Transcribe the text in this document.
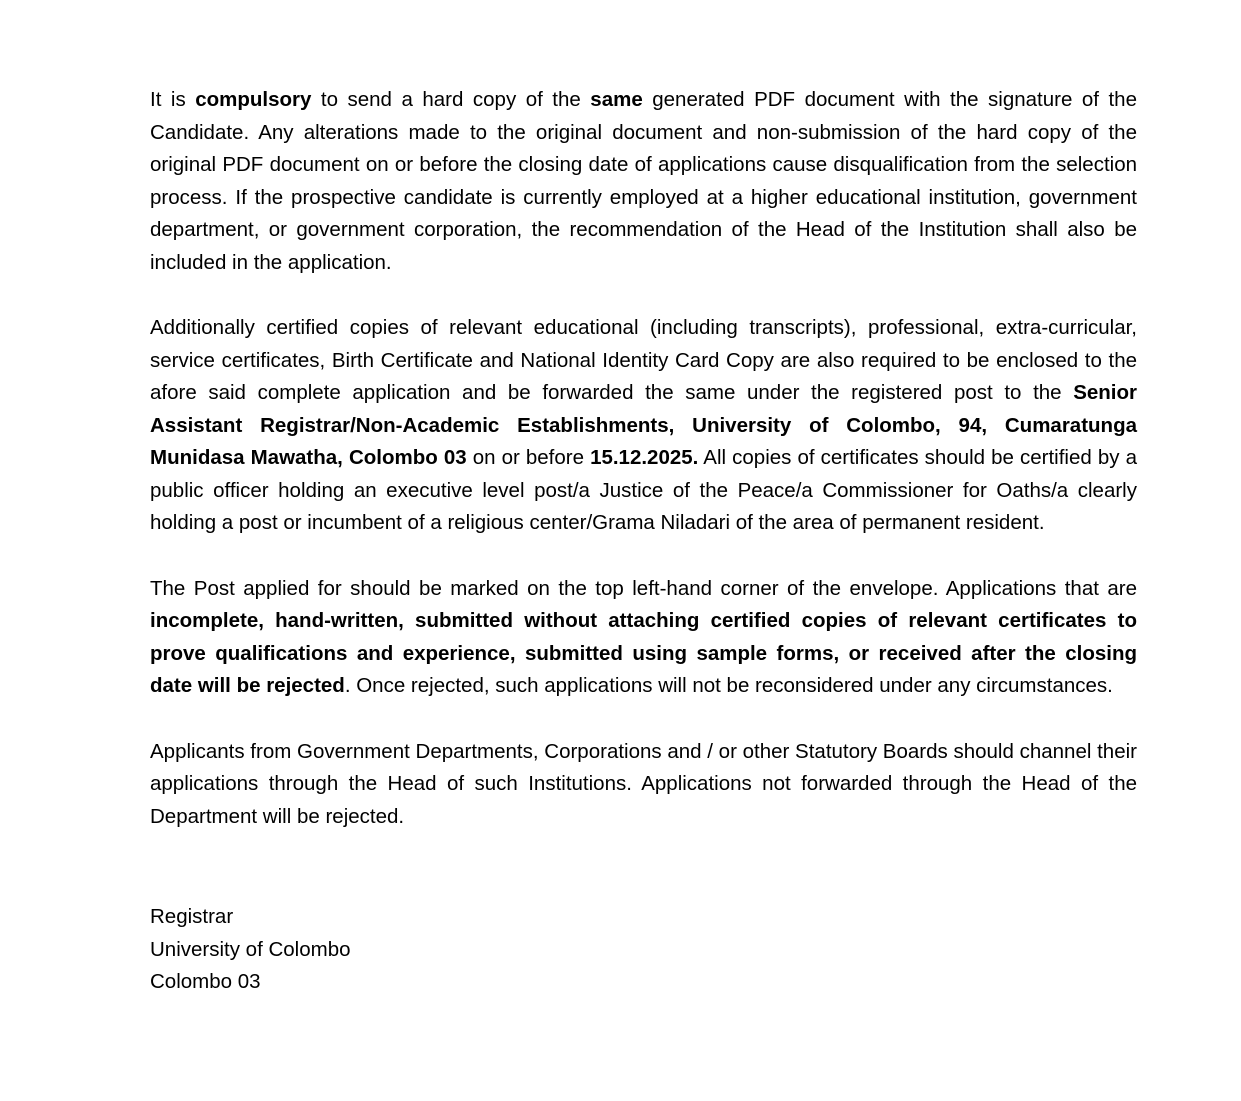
It is compulsory to send a hard copy of the same generated PDF document with the signature of the Candidate. Any alterations made to the original document and non-submission of the hard copy of the original PDF document on or before the closing date of applications cause disqualification from the selection process. If the prospective candidate is currently employed at a higher educational institution, government department, or government corporation, the recommendation of the Head of the Institution shall also be included in the application.

Additionally certified copies of relevant educational (including transcripts), professional, extra-curricular, service certificates, Birth Certificate and National Identity Card Copy are also required to be enclosed to the afore said complete application and be forwarded the same under the registered post to the Senior Assistant Registrar/Non-Academic Establishments, University of Colombo, 94, Cumaratunga Munidasa Mawatha, Colombo 03 on or before 15.12.2025. All copies of certificates should be certified by a public officer holding an executive level post/a Justice of the Peace/a Commissioner for Oaths/a clearly holding a post or incumbent of a religious center/Grama Niladari of the area of permanent resident.

The Post applied for should be marked on the top left-hand corner of the envelope. Applications that are incomplete, hand-written, submitted without attaching certified copies of relevant certificates to prove qualifications and experience, submitted using sample forms, or received after the closing date will be rejected. Once rejected, such applications will not be reconsidered under any circumstances.

Applicants from Government Departments, Corporations and / or other Statutory Boards should channel their applications through the Head of such Institutions. Applications not forwarded through the Head of the Department will be rejected.

Registrar
University of Colombo
Colombo 03
